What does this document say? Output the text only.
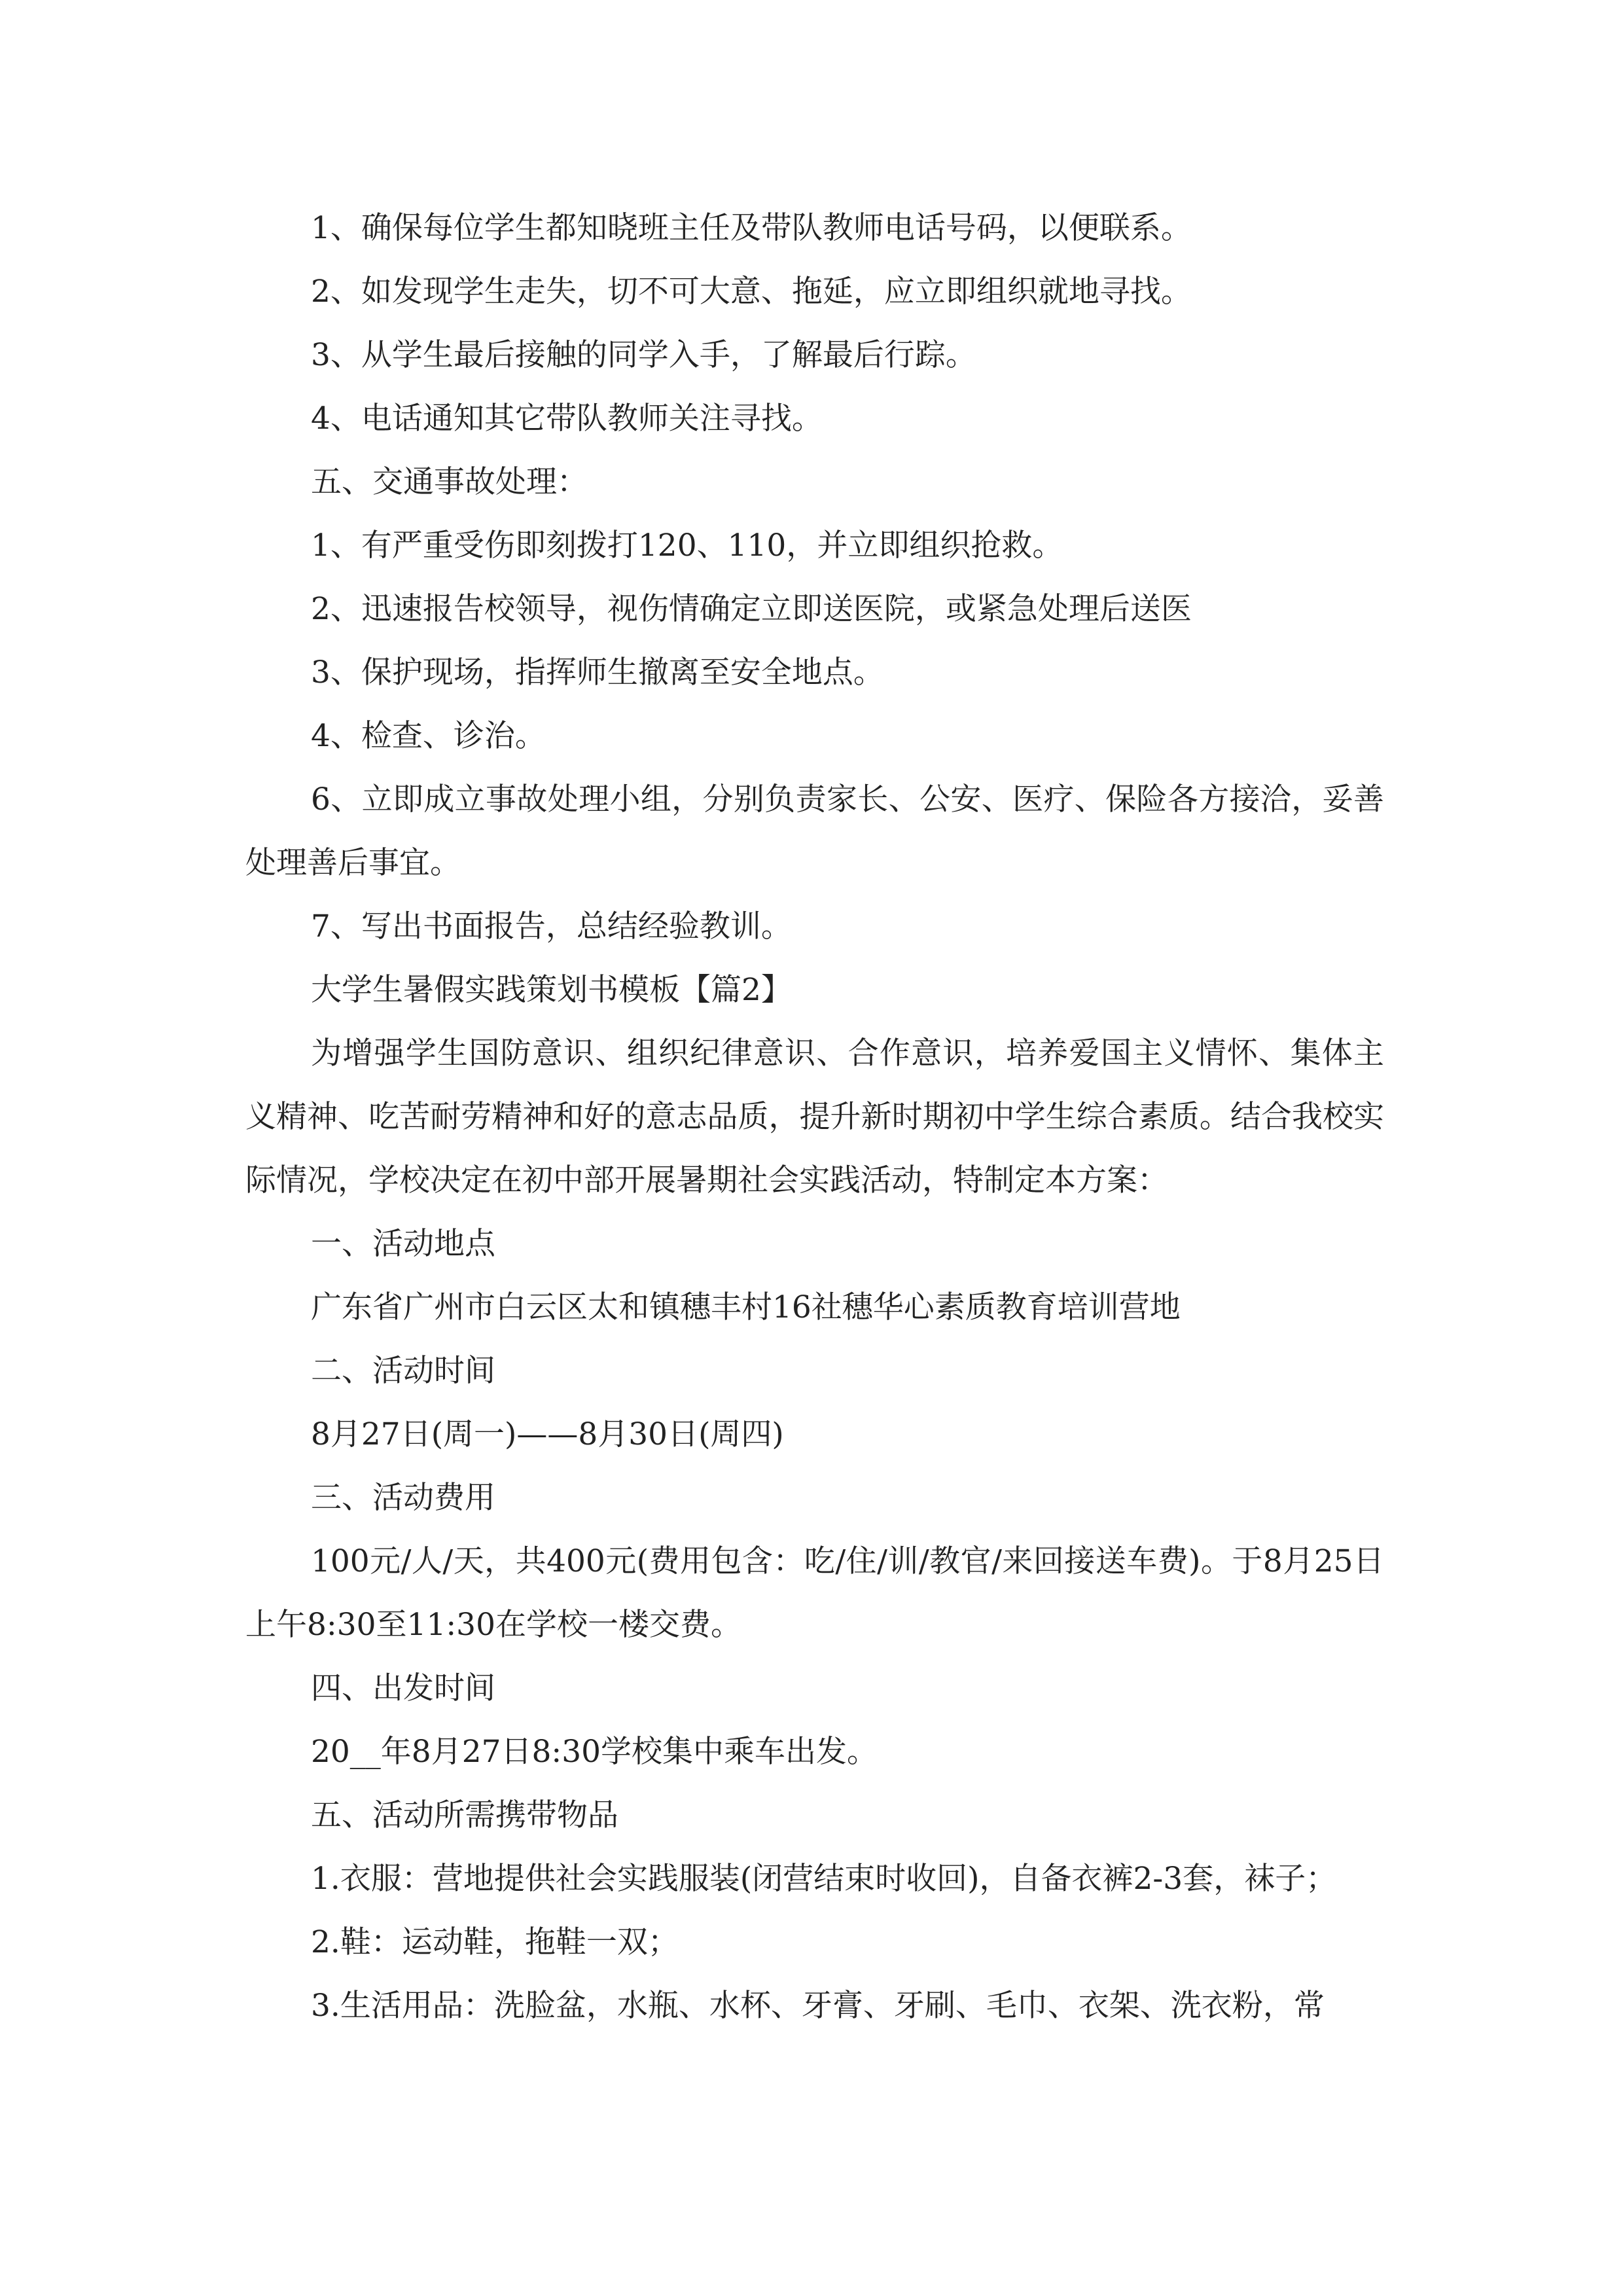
1、确保每位学生都知晓班主任及带队教师电话号码，以便联系。

2、如发现学生走失，切不可大意、拖延，应立即组织就地寻找。

3、从学生最后接触的同学入手，了解最后行踪。

4、电话通知其它带队教师关注寻找。

五、交通事故处理：

1、有严重受伤即刻拨打120、110，并立即组织抢救。

2、迅速报告校领导，视伤情确定立即送医院，或紧急处理后送医

3、保护现场，指挥师生撤离至安全地点。

4、检查、诊治。

6、立即成立事故处理小组，分别负责家长、公安、医疗、保险各方接洽，妥善处理善后事宜。

7、写出书面报告，总结经验教训。

大学生暑假实践策划书模板【篇2】

为增强学生国防意识、组织纪律意识、合作意识，培养爱国主义情怀、集体主义精神、吃苦耐劳精神和好的意志品质，提升新时期初中学生综合素质。结合我校实际情况，学校决定在初中部开展暑期社会实践活动，特制定本方案：

一、活动地点

广东省广州市白云区太和镇穗丰村16社穗华心素质教育培训营地

二、活动时间

8月27日(周一)——8月30日(周四)

三、活动费用

100元/人/天，共400元(费用包含：吃/住/训/教官/来回接送车费)。于8月25日上午8:30至11:30在学校一楼交费。

四、出发时间

20__年8月27日8:30学校集中乘车出发。

五、活动所需携带物品

1.衣服：营地提供社会实践服装(闭营结束时收回)，自备衣裤2-3套，袜子；

2.鞋：运动鞋，拖鞋一双；

3.生活用品：洗脸盆，水瓶、水杯、牙膏、牙刷、毛巾、衣架、洗衣粉，常
